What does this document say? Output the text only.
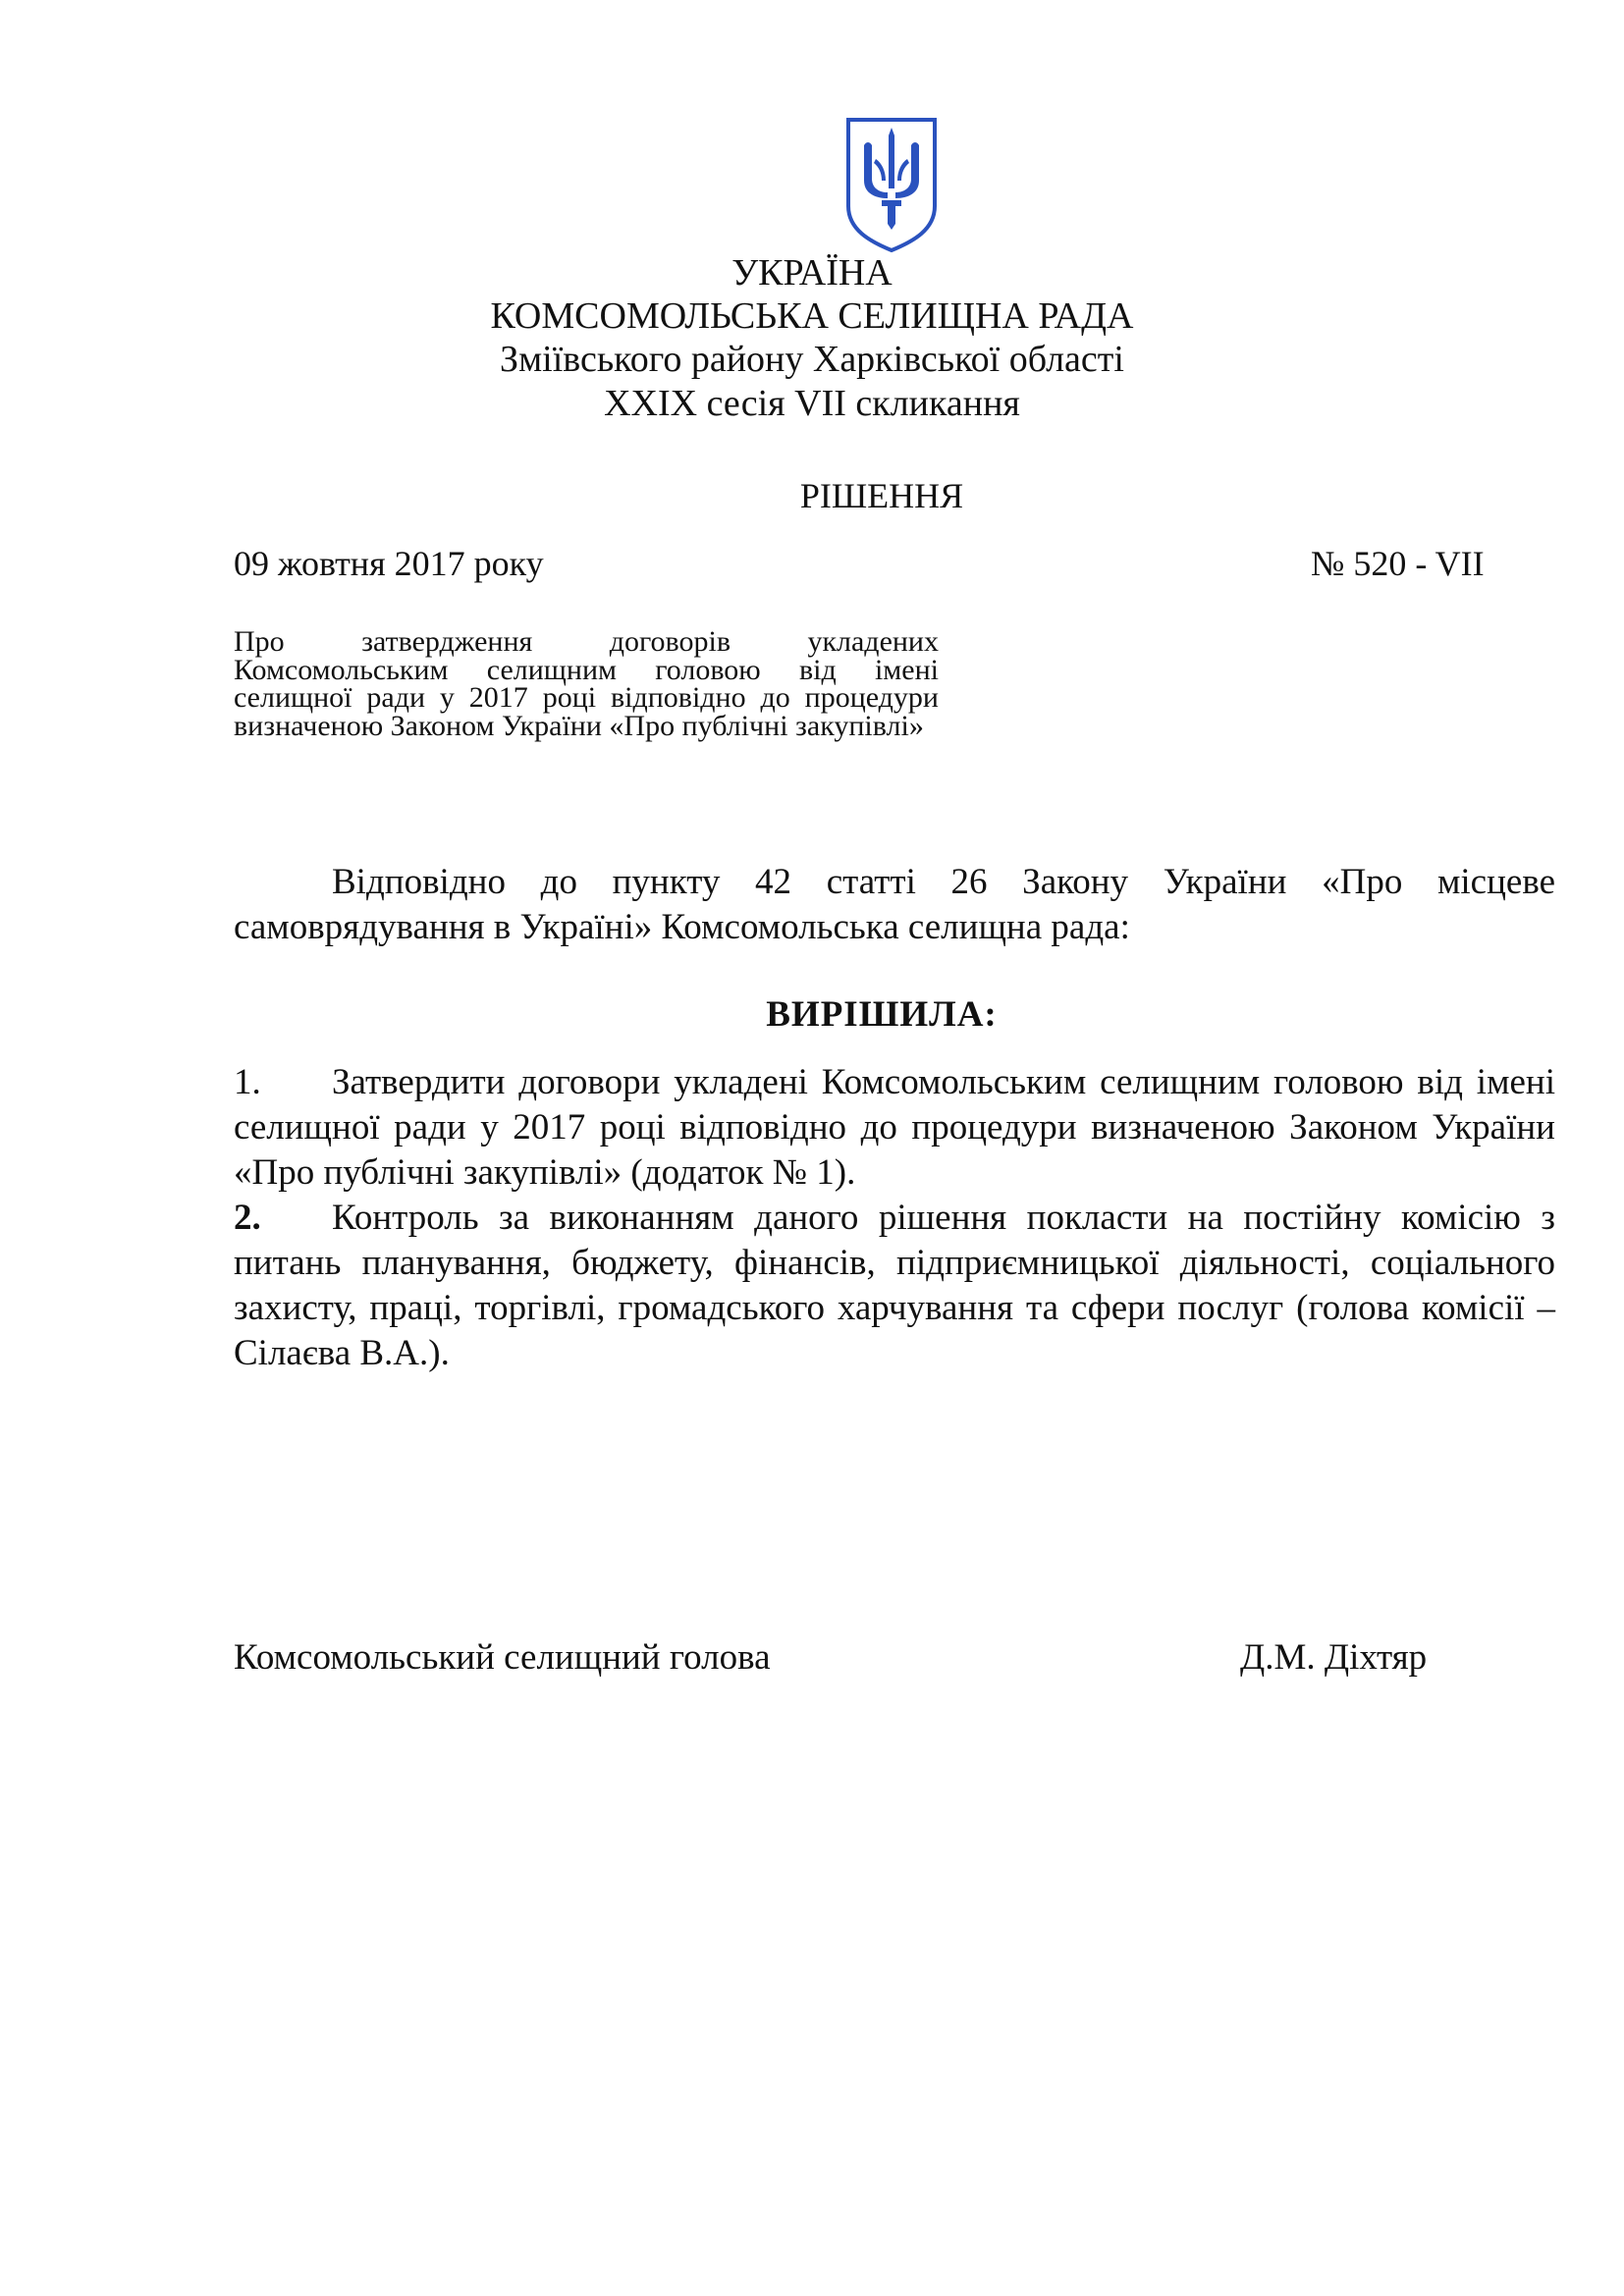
УКРАЇНА
КОМСОМОЛЬСЬКА СЕЛИЩНА РАДА
Зміївського району Харківської області
XXIX сесія VII скликання
РІШЕННЯ
09 жовтня 2017 року	№ 520 - VII
Про затвердження договорів укладених Комсомольським селищним головою від імені селищної ради у 2017 році відповідно до процедури визначеною Законом України «Про публічні закупівлі»
Відповідно до пункту 42 статті 26 Закону України «Про місцеве самоврядування в Україні» Комсомольська селищна рада:
ВИРІШИЛА:
1. Затвердити договори укладені Комсомольським селищним головою від імені селищної ради у 2017 році відповідно до процедури визначеною Законом України «Про публічні закупівлі» (додаток № 1).
2. Контроль за виконанням даного рішення покласти на постійну комісію з питань планування, бюджету, фінансів, підприємницької діяльності, соціального захисту, праці, торгівлі, громадського харчування та сфери послуг (голова комісії – Сілаєва В.А.).
Комсомольський селищний голова	Д.М. Діхтяр
